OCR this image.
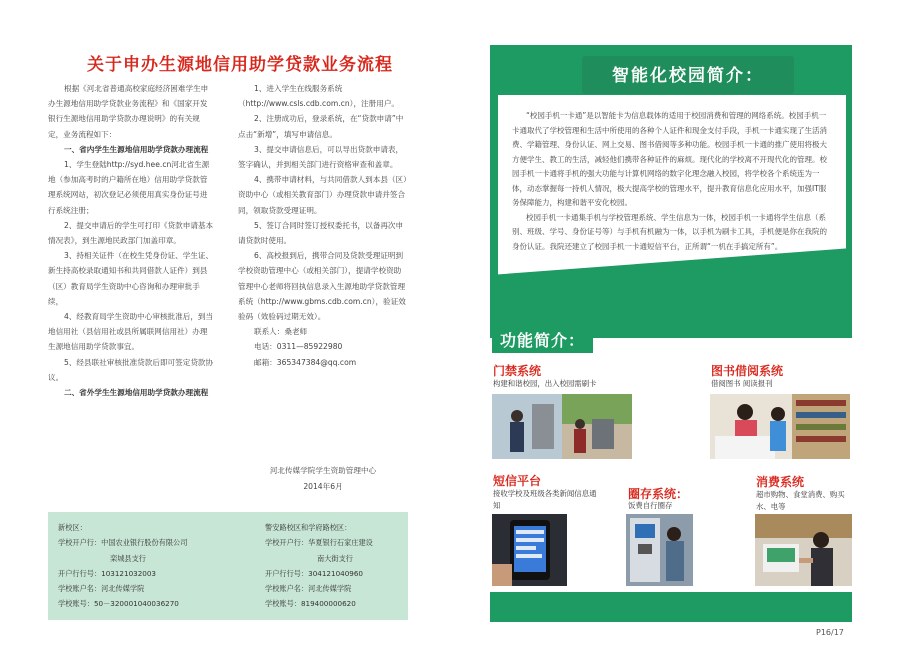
关于申办生源地信用助学贷款业务流程

根据《河北省普通高校家庭经济困难学生申办生源地信用助学贷款业务流程》和《国家开发银行生源地信用助学贷款办理说明》的有关规定，业务流程如下：

一、省内学生生源地信用助学贷款办理流程

1、学生登陆http://syd.hee.cn河北省生源地（参加高考时的户籍所在地）信用助学贷款管理系统网站，初次登记必须使用真实身份证号进行系统注册；

2、提交申请后的学生可打印《贷款申请基本情况表》，到生源地民政部门加盖印章。

3、持相关证件（在校生凭身份证、学生证、新生持高校录取通知书和共同借款人证件）到县（区）教育局学生资助中心咨询和办理审批手续，

4、经教育局学生资助中心审核批准后，到当地信用社（县信用社或县所属联网信用社）办理生源地信用助学贷款事宜。

5、经县联社审核批准贷款后即可签定贷款协议。

二、省外学生生源地信用助学贷款办理流程

1、进入学生在线服务系统（http://www.csls.cdb.com.cn），注册用户。

2、注册成功后，登录系统，在“贷款申请”中点击“新增”，填写申请信息。

3、提交申请信息后，可以导出贷款申请表，签字确认，并到相关部门进行资格审查和盖章。

4、携带申请材料，与共同借款人到本县（区）资助中心（或相关教育部门）办理贷款申请并签合同，领取贷款受理证明。

5、签订合同时签订授权委托书，以备再次申请贷款时使用。

6、高校报到后，携带合同及贷款受理证明到学校资助管理中心（或相关部门），提请学校资助管理中心老师将回执信息录入生源地助学贷款管理系统（http://www.gbms.cdb.com.cn），验证效验码（效验码过期无效）。

联系人：桑老师

电话：0311—85922980

邮箱：365347384@qq.com

河北传媒学院学生资助管理中心
2014年6月
新校区：
学校开户行：中国农业银行股份有限公司
栾城县支行
开户行行号：103121032003
学校账户名：河北传媒学院
学校账号：50－320001040036270
警安路校区和学府路校区：
学校开户行：华夏银行石家庄建设
南大街支行
开户行行号：304121040960
学校账户名：河北传媒学院
学校账号：819400000620
智能化校园简介：

“校园手机一卡通”是以智能卡为信息载体的适用于校园消费和管理的网络系统。校园手机一卡通取代了学校管理和生活中所使用的各种个人证件和现金支付手段，手机一卡通实现了生活消费、学籍管理、身份认证、网上交易、图书借阅等多种功能。校园手机一卡通的推广使用将极大方便学生、教工的生活，减轻他们携带各种证件的麻烦。现代化的学校离不开现代化的管理。校园手机一卡通将手机的强大功能与计算机网络的数字化理念融入校园，将学校各个系统连为一体，动态掌握每一持机人情况，极大提高学校的管理水平，提升教育信息化应用水平，加强IT服务保障能力，构建和谐平安化校园。

校园手机一卡通集手机与学校管理系统、学生信息为一体，校园手机一卡通将学生信息（系别、班级、学号、身份证号等）与手机有机融为一体，以手机为刷卡工具，手机便是你在我院的身份认证。我院还建立了校园手机一卡通短信平台，正所谓“一机在手搞定所有”。

功能简介：
门禁系统
构建和谐校园，出入校园需刷卡
图书借阅系统
借阅图书 阅读报刊
短信平台
接收学校及班级各类新闻信息通知
圈存系统：
饭费自行圈存
消费系统
超市购物、食堂消费、购买水、电等
P16/17
